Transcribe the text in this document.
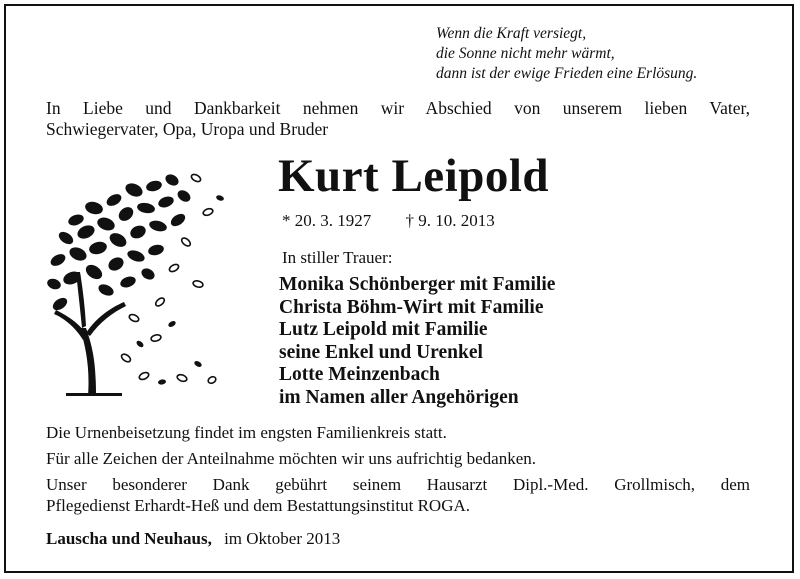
Wenn die Kraft versiegt,
die Sonne nicht mehr wärmt,
dann ist der ewige Frieden eine Erlösung.

In Liebe und Dankbarkeit nehmen wir Abschied von unserem lieben Vater,
Schwiegervater, Opa, Uropa und Bruder

Kurt Leipold
* 20. 3. 1927 † 9. 10. 2013
In stiller Trauer:
Monika Schönberger mit Familie
Christa Böhm-Wirt mit Familie
Lutz Leipold mit Familie
seine Enkel und Urenkel
Lotte Meinzenbach
im Namen aller Angehörigen

Die Urnenbeisetzung findet im engsten Familienkreis statt.

Für alle Zeichen der Anteilnahme möchten wir uns aufrichtig bedanken.

Unser besonderer Dank gebührt seinem Hausarzt Dipl.-Med. Grollmisch, dem
Pflegedienst Erhardt-Heß und dem Bestattungsinstitut ROGA.

Lauscha und Neuhaus, im Oktober 2013
